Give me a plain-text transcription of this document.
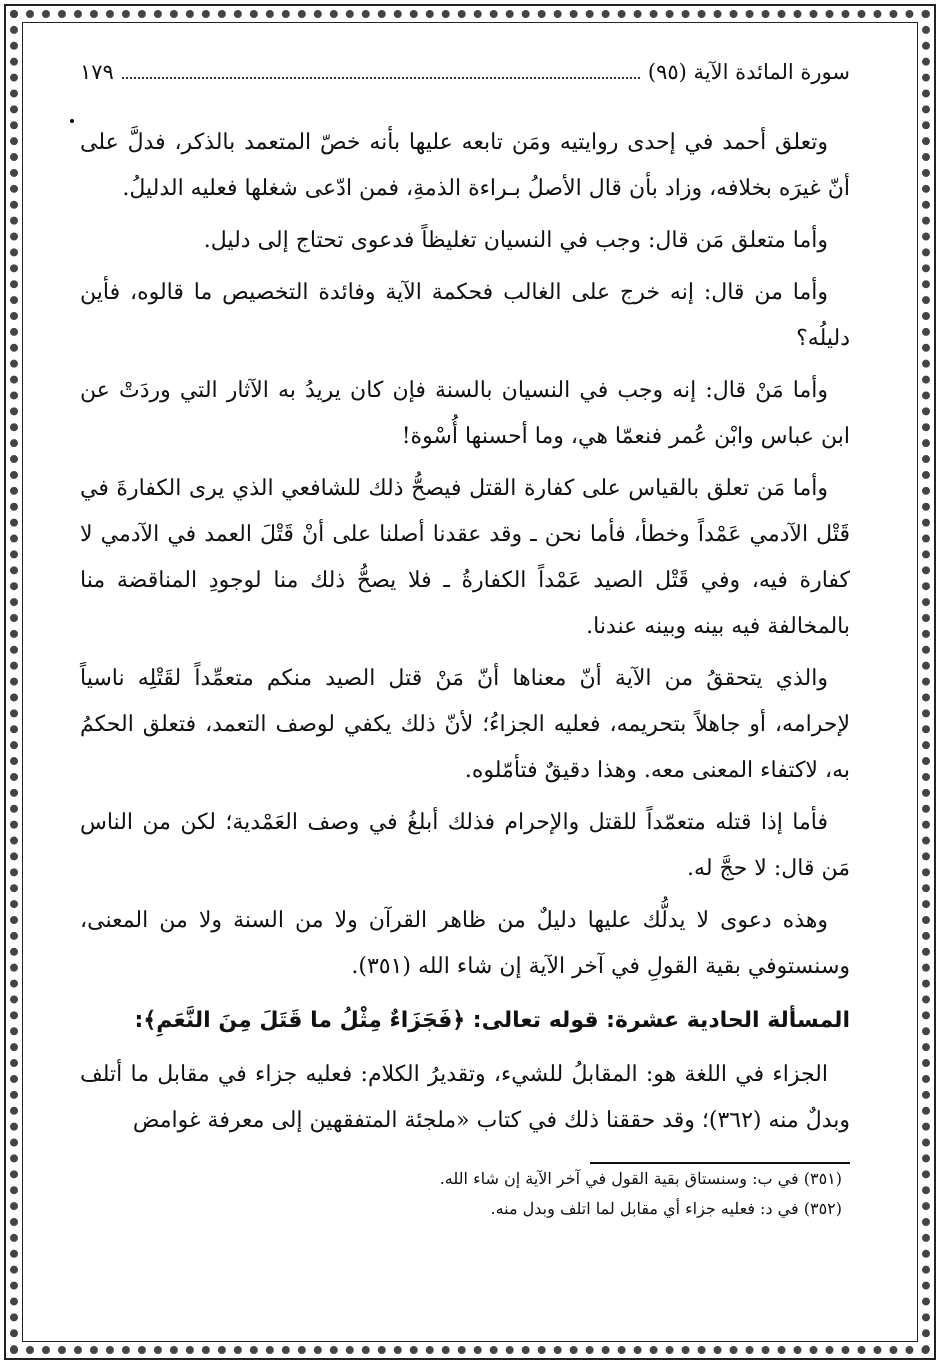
سورة المائدة الآية (٩٥)
١٧٩

وتعلق أحمد في إحدى روايتيه ومَن تابعه عليها بأنه خصّ المتعمد بالذكر، فدلَّ على أنّ غيرَه بخلافه، وزاد بأن قال الأصلُ بـراءة الذمةِ، فمن ادّعى شغلها فعليه الدليلُ.

وأما متعلق مَن قال: وجب في النسيان تغليظاً فدعوى تحتاج إلى دليل.

وأما من قال: إنه خرج على الغالب فحكمة الآية وفائدة التخصيص ما قالوه، فأين دليلُه؟

وأما مَنْ قال: إنه وجب في النسيان بالسنة فإن كان يريدُ به الآثار التي وردَتْ عن ابن عباس وابْن عُمر فنعمّا هي، وما أحسنها أُسْوة!

وأما مَن تعلق بالقياس على كفارة القتل فيصحُّ ذلك للشافعي الذي يرى الكفارةَ في قَتْل الآدمي عَمْداً وخطأ، فأما نحن ـ وقد عقدنا أصلنا على أنْ قَتْلَ العمد في الآدمي لا كفارة فيه، وفي قَتْل الصيد عَمْداً الكفارةُ ـ فلا يصحُّ ذلك منا لوجودِ المناقضة منا بالمخالفة فيه بينه وبينه عندنا.

والذي يتحققُ من الآية أنّ معناها أنّ مَنْ قتل الصيد منكم متعمِّداً لقَتْلِه ناسياً لإحرامه، أو جاهلاً بتحريمه، فعليه الجزاءُ؛ لأنّ ذلك يكفي لوصف التعمد، فتعلق الحكمُ به، لاكتفاء المعنى معه. وهذا دقيقٌ فتأمّلوه.

فأما إذا قتله متعمّداً للقتل والإحرام فذلك أبلغُ في وصف العَمْدية؛ لكن من الناس مَن قال: لا حجَّ له.

وهذه دعوى لا يدلُّك عليها دليلٌ من ظاهر القرآن ولا من السنة ولا من المعنى، وسنستوفي بقية القولِ في آخر الآية إن شاء الله (٣٥١).

المسألة الحادية عشرة: قوله تعالى: ﴿فَجَزَاءٌ مِثْلُ ما قَتَلَ مِنَ النَّعَمِ﴾:

الجزاء في اللغة هو: المقابلُ للشيء، وتقديرُ الكلام: فعليه جزاء في مقابل ما أتلف وبدلٌ منه (٣٦٢)؛ وقد حققنا ذلك في كتاب «ملجئة المتفقهين إلى معرفة غوامض

(٣٥١) في ب: وسنستاق بقية القول في آخر الآية إن شاء الله.

(٣٥٢) في د: فعليه جزاء أي مقابل لما اتلف وبدل منه.
